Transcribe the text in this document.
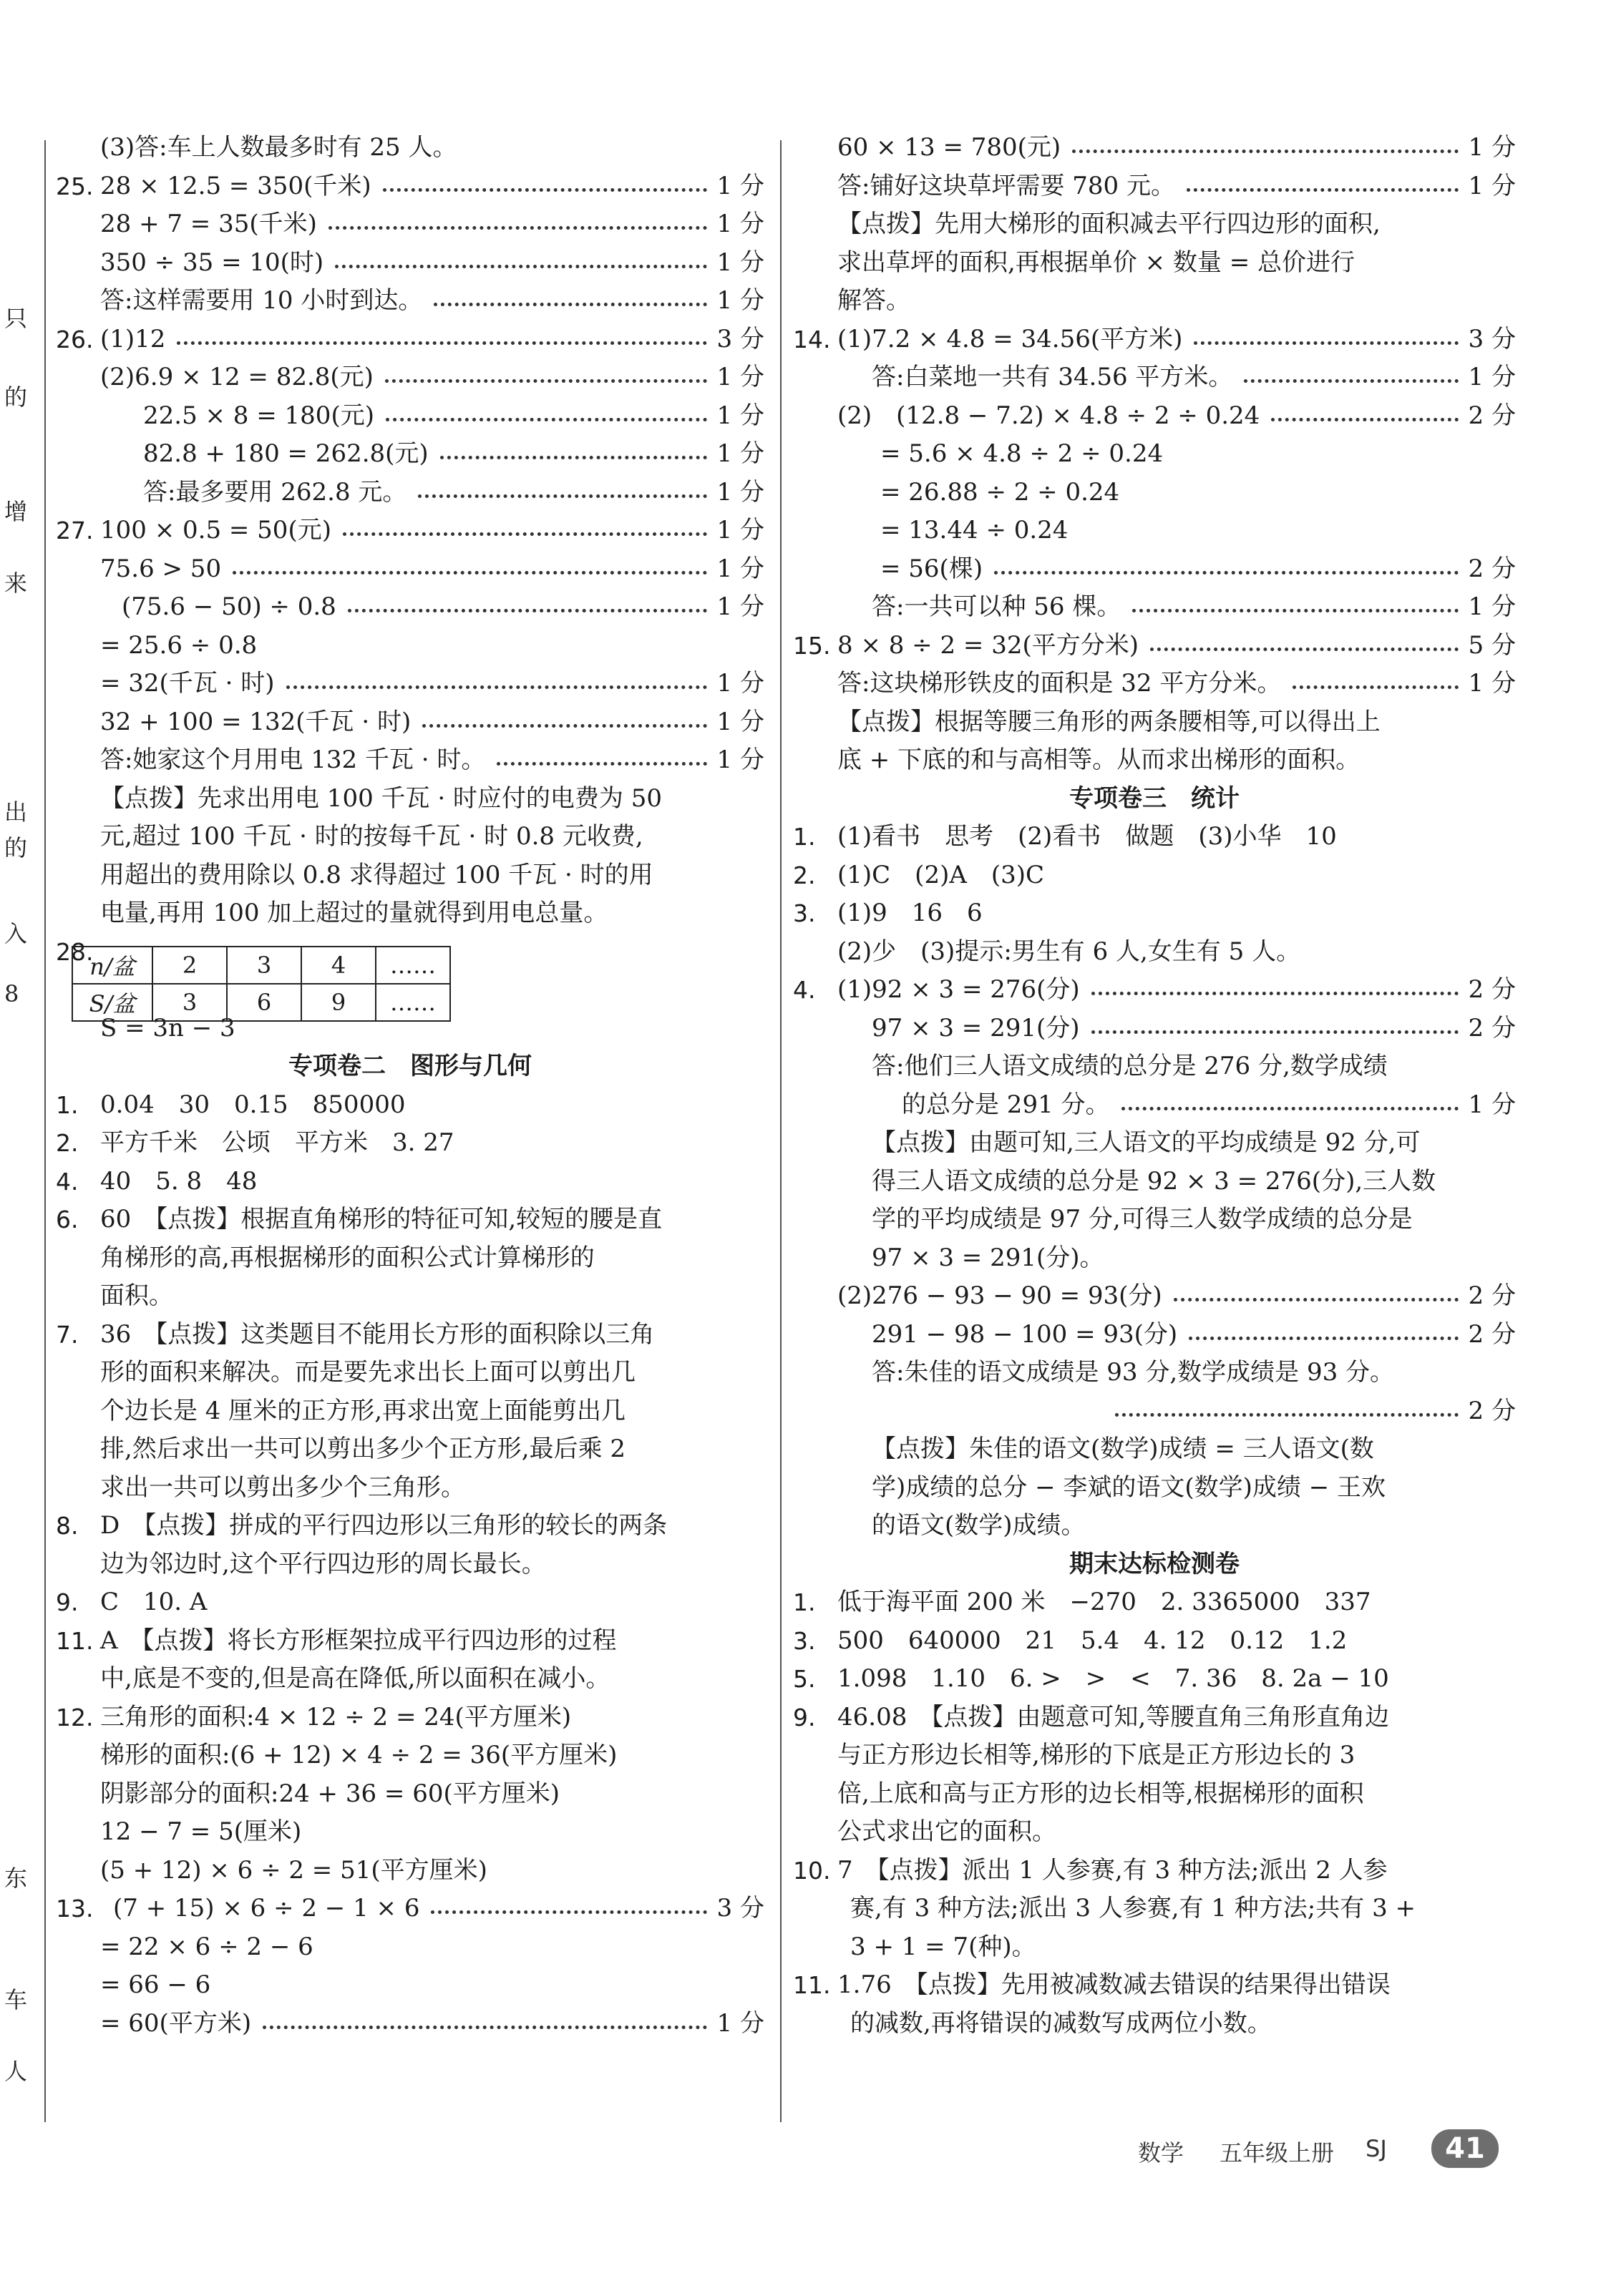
只
的
增
来
出
的
入
8
东
车
人
(3)答:车上人数最多时有 25 人。
25. 28 × 12.5 = 350(千米)	1 分
28 + 7 = 35(千米)	1 分
350 ÷ 35 = 10(时)	1 分
答:这样需要用 10 小时到达。	1 分
26. (1)12	3 分
(2)6.9 × 12 = 82.8(元)	1 分
22.5 × 8 = 180(元)	1 分
82.8 + 180 = 262.8(元)	1 分
答:最多要用 262.8 元。	1 分
27. 100 × 0.5 = 50(元)	1 分
75.6 > 50	1 分
(75.6 − 50) ÷ 0.8	1 分
= 25.6 ÷ 0.8
= 32(千瓦 · 时)	1 分
32 + 100 = 132(千瓦 · 时)	1 分
答:她家这个月用电 132 千瓦 · 时。	1 分
【点拨】先求出用电 100 千瓦 · 时应付的电费为 50
元,超过 100 千瓦 · 时的按每千瓦 · 时 0.8 元收费,
用超出的费用除以 0.8 求得超过 100 千瓦 · 时的用
电量,再用 100 加上超过的量就得到用电总量。
28.
S = 3n − 3
专项卷二　图形与几何
1. 0.04　30　0.15　850000
2. 平方千米　公顷　平方米　3. 27
4. 40　5. 8　48
6. 60　【点拨】根据直角梯形的特征可知,较短的腰是直
角梯形的高,再根据梯形的面积公式计算梯形的
面积。
7. 36　【点拨】这类题目不能用长方形的面积除以三角
形的面积来解决。而是要先求出长上面可以剪出几
个边长是 4 厘米的正方形,再求出宽上面能剪出几
排,然后求出一共可以剪出多少个正方形,最后乘 2
求出一共可以剪出多少个三角形。
8. D　【点拨】拼成的平行四边形以三角形的较长的两条
边为邻边时,这个平行四边形的周长最长。
9. C　10. A
11. A　【点拨】将长方形框架拉成平行四边形的过程
中,底是不变的,但是高在降低,所以面积在减小。
12. 三角形的面积:4 × 12 ÷ 2 = 24(平方厘米)
梯形的面积:(6 + 12) × 4 ÷ 2 = 36(平方厘米)
阴影部分的面积:24 + 36 = 60(平方厘米)
12 − 7 = 5(厘米)
(5 + 12) × 6 ÷ 2 = 51(平方厘米)
13. (7 + 15) × 6 ÷ 2 − 1 × 6	3 分
= 22 × 6 ÷ 2 − 6
= 66 − 6
= 60(平方米)	1 分
60 × 13 = 780(元)	1 分
答:铺好这块草坪需要 780 元。	1 分
【点拨】先用大梯形的面积减去平行四边形的面积,
求出草坪的面积,再根据单价 × 数量 = 总价进行
解答。
14. (1)7.2 × 4.8 = 34.56(平方米)	3 分
答:白菜地一共有 34.56 平方米。	1 分
(2)　(12.8 − 7.2) × 4.8 ÷ 2 ÷ 0.24	2 分
= 5.6 × 4.8 ÷ 2 ÷ 0.24
= 26.88 ÷ 2 ÷ 0.24
= 13.44 ÷ 0.24
= 56(棵)	2 分
答:一共可以种 56 棵。	1 分
15. 8 × 8 ÷ 2 = 32(平方分米)	5 分
答:这块梯形铁皮的面积是 32 平方分米。	1 分
【点拨】根据等腰三角形的两条腰相等,可以得出上
底 + 下底的和与高相等。从而求出梯形的面积。
专项卷三　统计
1. (1)看书　思考　(2)看书　做题　(3)小华　10
2. (1)C　(2)A　(3)C
3. (1)9　16　6
(2)少　(3)提示:男生有 6 人,女生有 5 人。
4. (1)92 × 3 = 276(分)	2 分
97 × 3 = 291(分)	2 分
答:他们三人语文成绩的总分是 276 分,数学成绩
的总分是 291 分。	1 分
【点拨】由题可知,三人语文的平均成绩是 92 分,可
得三人语文成绩的总分是 92 × 3 = 276(分),三人数
学的平均成绩是 97 分,可得三人数学成绩的总分是
97 × 3 = 291(分)。
(2)276 − 93 − 90 = 93(分)	2 分
291 − 98 − 100 = 93(分)	2 分
答:朱佳的语文成绩是 93 分,数学成绩是 93 分。
2 分
【点拨】朱佳的语文(数学)成绩 = 三人语文(数
学)成绩的总分 − 李斌的语文(数学)成绩 − 王欢
的语文(数学)成绩。
期末达标检测卷
1. 低于海平面 200 米　−270　2. 3365000　337
3. 500　640000　21　5.4　4. 12　0.12　1.2
5. 1.098　1.10　6. >　>　<　7. 36　8. 2a − 10
9. 46.08　【点拨】由题意可知,等腰直角三角形直角边
与正方形边长相等,梯形的下底是正方形边长的 3
倍,上底和高与正方形的边长相等,根据梯形的面积
公式求出它的面积。
10. 7　【点拨】派出 1 人参赛,有 3 种方法;派出 2 人参
赛,有 3 种方法;派出 3 人参赛,有 1 种方法;共有 3 +
3 + 1 = 7(种)。
11. 1.76　【点拨】先用被减数减去错误的结果得出错误
的减数,再将错误的减数写成两位小数。
n/盆	2	3	4	……
S/盆	3	6	9	……
数学 五年级上册 SJ	41
